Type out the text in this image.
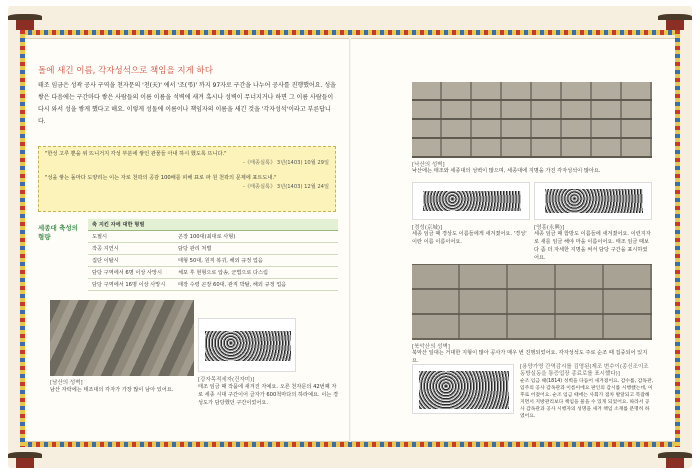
돌에 새긴 이름, 각자성석으로 책임을 지게 하다
태조 임금은 성곽 공사 구역을 천자문의 '천(天)' 에서 '조(弔)' 까지 97자로 구간을 나누어 공사를 진행했어요. 성을 쌓은 다음에는 구간마다 쌓은 사람들의 이름 이름을 석벽에 새겨 혹시나 성벽이 무너지거나 하면 그 이름 사람들이 다시 와서 성을 쌓게 했다고 해요. 이렇게 성돌에 이름이나 책임자의 이름을 새긴 것을 '각자성석'이라고 부른답니다.
"한성 고루 뿐을 위 뜨니거지 각성 부분에 쌓인 관물들 아내 하시 했도록 뜨니다."
-《태종실록》 3년(1403) 10월 29일
"성을 쌓는 돌마다 도양리는 이는 자로 천곽의 공감 100배를 피해 표로 파 원 천곽의 문제에 표트도내."
-《태종실록》 3년(1403) 12월 24일
세종대 축성의 형량
축 지킨 자에 대한 형벌	
도필시	곤장 100대(최대로 사형)
작공 지연시	담당 관리 처벌
집단 이탈시	태형 50대, 원직 복귀, 해외 규정 업음
담당 구역에서 6명 이상 사망시	체포 후 현형으로 압송, 군법으로 다스림
담당 구역에서 16명 이상 사망시	태장 수령 곤장 60대, 관직 박탈, 해외 규정 업음
[남산의 성벽]
남산 자락에는 태조대의 각자가 가장 많이 남아 있어요.
[강자목적세자(건자미)]
태조 임금 때 작품에 새겨진 자예요. 오른 천자문의 42번째 자로 세종 시대 구간이어 글자가 600척마다의 하라예요. 이는 경성도가 담당했던 구간이었어요.
[낙산의 성벽]
낙산에는 태조와 세종대의 성벽이 많으며, 세종대에 지명을 가진 각자성석이 많아요.
[경성(京城)]
세종 임금 때 경상도 이름들에게 새겨졌어요. '경성' 이란 이름 이름이어요.
[영흥(永興)]
세종 임금 때 함방도 이름들에 새겨졌어요. 이런지자로 새를 임금 해야 마을 이름이어요. 태조 임금 때보다 좀 더 자세한 지명을 써서 담당 구간을 표시하였어요.
[북악산의 성벽]
북악산 일대는 거대한 지형이 많아 공사가 매우 번 진행되었어요. 각자성석도 주로 순조 때 집중되어 있지요.
[용양가영 간역감시를 김영된(제조 변수이(종신조이조 동방실동을 통증업장 종료로를 표시했다)]
순조 임금 때(1814) 성벽을 다듬어 새겨졌어요. 감수를, 감독관, 임주의 공사 감독관과 이름이에요 판인의 감시를 시행했는데, 이후로 어졌어요. 순조 임금 때에는 사회가 점차 발달되고 복잡해지면서 지방관리보다 책임을 물을 수 있게 되었어요. 따라서 공사 감독관과 공사 시행자의 성명을 새겨 책임 소재를 분명히 하였어요.
